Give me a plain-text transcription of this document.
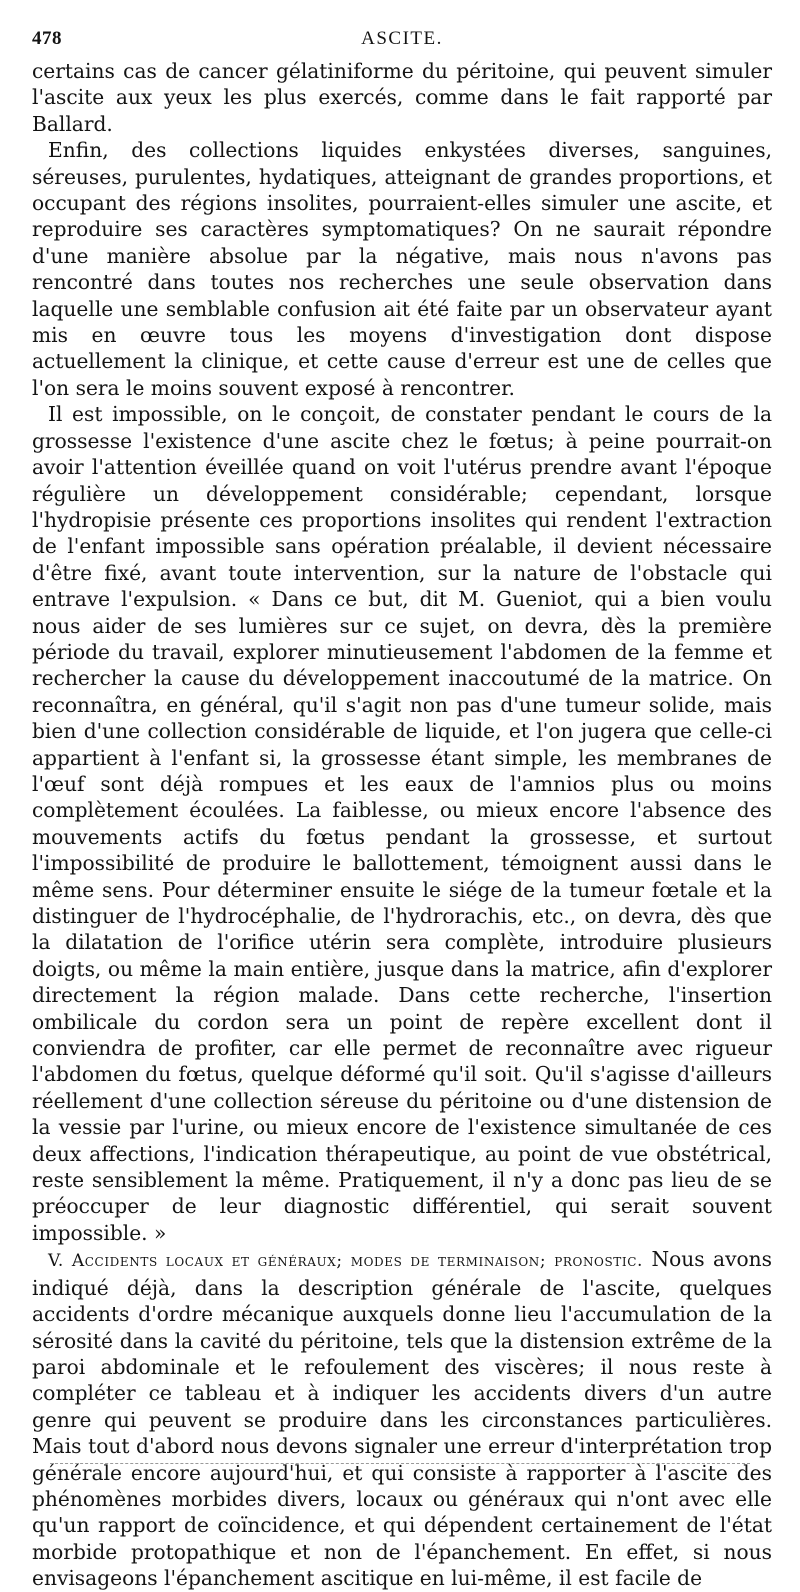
478	ASCITE.

certains cas de cancer gélatiniforme du péritoine, qui peuvent simuler l'ascite aux yeux les plus exercés, comme dans le fait rapporté par Ballard.

Enfin, des collections liquides enkystées diverses, sanguines, séreuses, purulentes, hydatiques, atteignant de grandes proportions, et occupant des régions insolites, pourraient-elles simuler une ascite, et reproduire ses caractères symptomatiques? On ne saurait répondre d'une manière absolue par la négative, mais nous n'avons pas rencontré dans toutes nos recherches une seule observation dans laquelle une semblable confusion ait été faite par un observateur ayant mis en œuvre tous les moyens d'investigation dont dispose actuellement la clinique, et cette cause d'erreur est une de celles que l'on sera le moins souvent exposé à rencontrer.

Il est impossible, on le conçoit, de constater pendant le cours de la grossesse l'existence d'une ascite chez le fœtus; à peine pourrait-on avoir l'attention éveillée quand on voit l'utérus prendre avant l'époque régulière un développement considérable; cependant, lorsque l'hydropisie présente ces proportions insolites qui rendent l'extraction de l'enfant impossible sans opération préalable, il devient nécessaire d'être fixé, avant toute intervention, sur la nature de l'obstacle qui entrave l'expulsion. « Dans ce but, dit M. Gueniot, qui a bien voulu nous aider de ses lumières sur ce sujet, on devra, dès la première période du travail, explorer minutieusement l'abdomen de la femme et rechercher la cause du développement inaccoutumé de la matrice. On reconnaîtra, en général, qu'il s'agit non pas d'une tumeur solide, mais bien d'une collection considérable de liquide, et l'on jugera que celle-ci appartient à l'enfant si, la grossesse étant simple, les membranes de l'œuf sont déjà rompues et les eaux de l'amnios plus ou moins complètement écoulées. La faiblesse, ou mieux encore l'absence des mouvements actifs du fœtus pendant la grossesse, et surtout l'impossibilité de produire le ballottement, témoignent aussi dans le même sens. Pour déterminer ensuite le siége de la tumeur fœtale et la distinguer de l'hydrocéphalie, de l'hydrorachis, etc., on devra, dès que la dilatation de l'orifice utérin sera complète, introduire plusieurs doigts, ou même la main entière, jusque dans la matrice, afin d'explorer directement la région malade. Dans cette recherche, l'insertion ombilicale du cordon sera un point de repère excellent dont il conviendra de profiter, car elle permet de reconnaître avec rigueur l'abdomen du fœtus, quelque déformé qu'il soit. Qu'il s'agisse d'ailleurs réellement d'une collection séreuse du péritoine ou d'une distension de la vessie par l'urine, ou mieux encore de l'existence simultanée de ces deux affections, l'indication thérapeutique, au point de vue obstétrical, reste sensiblement la même. Pratiquement, il n'y a donc pas lieu de se préoccuper de leur diagnostic différentiel, qui serait souvent impossible. »

V. Accidents locaux et généraux; modes de terminaison; pronostic. Nous avons indiqué déjà, dans la description générale de l'ascite, quelques accidents d'ordre mécanique auxquels donne lieu l'accumulation de la sérosité dans la cavité du péritoine, tels que la distension extrême de la paroi abdominale et le refoulement des viscères; il nous reste à compléter ce tableau et à indiquer les accidents divers d'un autre genre qui peuvent se produire dans les circonstances particulières. Mais tout d'abord nous devons signaler une erreur d'interprétation trop générale encore aujourd'hui, et qui consiste à rapporter à l'ascite des phénomènes morbides divers, locaux ou généraux qui n'ont avec elle qu'un rapport de coïncidence, et qui dépendent certainement de l'état morbide protopathique et non de l'épanchement. En effet, si nous envisageons l'épanchement ascitique en lui-même, il est facile de
